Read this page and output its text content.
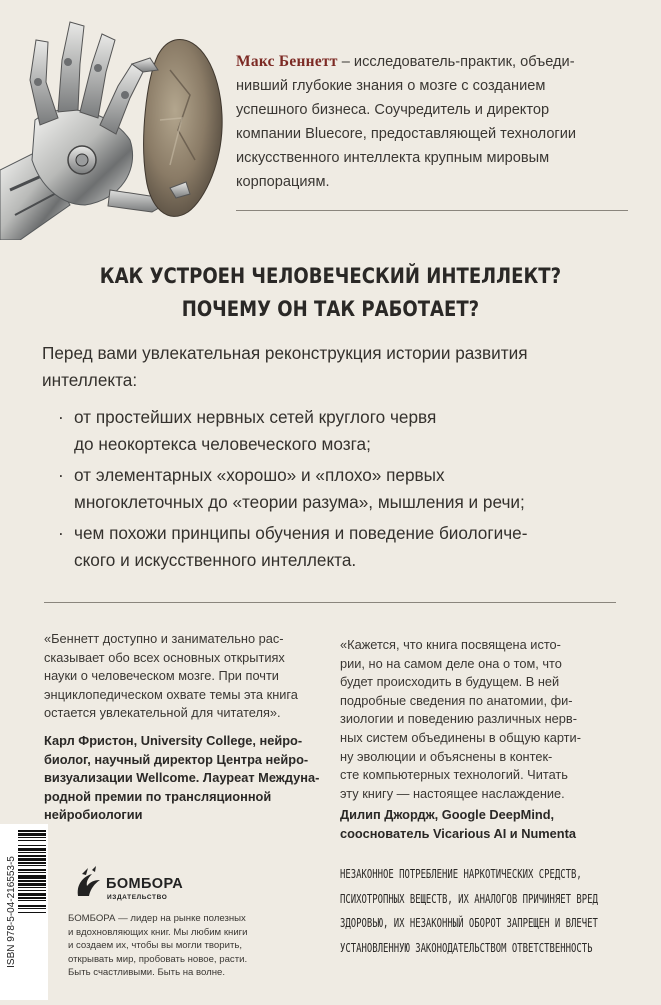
Макс Беннетт – исследователь-практик, объеди-
нивший глубокие знания о мозге с созданием
успешного бизнеса. Соучредитель и директор
компании Bluecore, предоставляющей технологии
искусственного интеллекта крупным мировым
корпорациям.
КАК УСТРОЕН ЧЕЛОВЕЧЕСКИЙ ИНТЕЛЛЕКТ?
ПОЧЕМУ ОН ТАК РАБОТАЕТ?
Перед вами увлекательная реконструкция истории развития
интеллекта:
· от простейших нервных сетей круглого червя
до неокортекса человеческого мозга;
· от элементарных «хорошо» и «плохо» первых
многоклеточных до «теории разума», мышления и речи;
· чем похожи принципы обучения и поведение биологиче-
ского и искусственного интеллекта.
«Беннетт доступно и занимательно рас-
сказывает обо всех основных открытиях
науки о человеческом мозге. При почти
энциклопедическом охвате темы эта книга
остается увлекательной для читателя».
Карл Фристон, University College, нейро-
биолог, научный директор Центра нейро-
визуализации Wellcome. Лауреат Междуна-
родной премии по трансляционной
нейробиологии
«Кажется, что книга посвящена исто-
рии, но на самом деле она о том, что
будет происходить в будущем. В ней
подробные сведения по анатомии, фи-
зиологии и поведению различных нерв-
ных систем объединены в общую карти-
ну эволюции и объяснены в контек-
сте компьютерных технологий. Читать
эту книгу — настоящее наслаждение.
Дилип Джордж, Google DeepMind,
сооснователь Vicarious AI и Numenta
ISBN 978-5-04-216553-5	БОМБОРА
ИЗДАТЕЛЬСТВО
БОМБОРА — лидер на рынке полезных
и вдохновляющих книг. Мы любим книги
и создаем их, чтобы вы могли творить,
открывать мир, пробовать новое, расти.
Быть счастливыми. Быть на волне.
НЕЗАКОННОЕ ПОТРЕБЛЕНИЕ НАРКОТИЧЕСКИХ СРЕДСТВ,
ПСИХОТРОПНЫХ ВЕЩЕСТВ, ИХ АНАЛОГОВ ПРИЧИНЯЕТ ВРЕД
ЗДОРОВЬЮ, ИХ НЕЗАКОННЫЙ ОБОРОТ ЗАПРЕЩЕН И ВЛЕЧЕТ
УСТАНОВЛЕННУЮ ЗАКОНОДАТЕЛЬСТВОМ ОТВЕТСТВЕННОСТЬ
